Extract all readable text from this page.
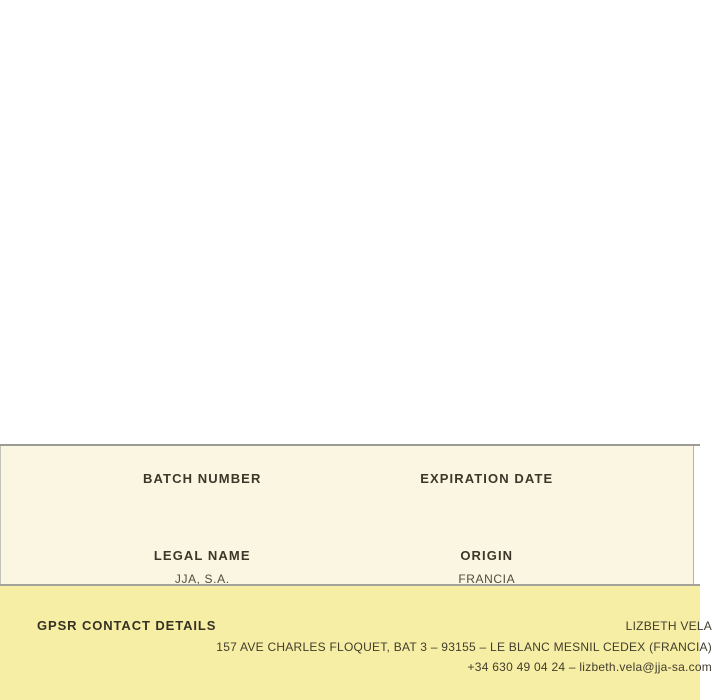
BATCH NUMBER	EXPIRATION DATE
LEGAL NAME
JJA, S.A.
ORIGIN
FRANCIA
GPSR CONTACT DETAILS	LIZBETH VELA
157 AVE CHARLES FLOQUET, BAT 3 – 93155 – LE BLANC MESNIL CEDEX (FRANCIA)
+34 630 49 04 24 – lizbeth.vela@jja-sa.com
